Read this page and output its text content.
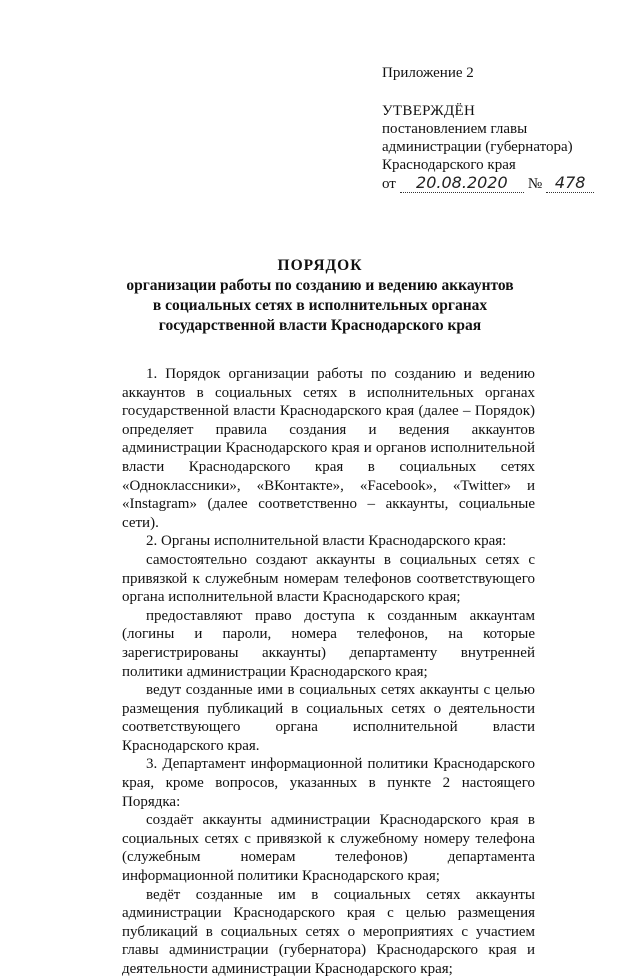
Приложение 2
УТВЕРЖДЁН
постановлением главы
администрации (губернатора)
Краснодарского края
от	20.08.2020	№ 478
ПОРЯДОК
организации работы по созданию и ведению аккаунтов
в социальных сетях в исполнительных органах
государственной власти Краснодарского края

1. Порядок организации работы по созданию и ведению аккаунтов в социальных сетях в исполнительных органах государственной власти Краснодарского края (далее – Порядок) определяет правила создания и ведения аккаунтов администрации Краснодарского края и органов исполнительной власти Краснодарского края в социальных сетях «Одноклассники», «ВКонтакте», «Facebook», «Twitter» и «Instagram» (далее соответственно – аккаунты, социальные сети).

2. Органы исполнительной власти Краснодарского края:

самостоятельно создают аккаунты в социальных сетях с привязкой к служебным номерам телефонов соответствующего органа исполнительной власти Краснодарского края;

предоставляют право доступа к созданным аккаунтам (логины и пароли, номера телефонов, на которые зарегистрированы аккаунты) департаменту внутренней политики администрации Краснодарского края;

ведут созданные ими в социальных сетях аккаунты с целью размещения публикаций в социальных сетях о деятельности соответствующего органа исполнительной власти Краснодарского края.

3. Департамент информационной политики Краснодарского края, кроме вопросов, указанных в пункте 2 настоящего Порядка:

создаёт аккаунты администрации Краснодарского края в социальных сетях с привязкой к служебному номеру телефона (служебным номерам телефонов) департамента информационной политики Краснодарского края;

ведёт созданные им в социальных сетях аккаунты администрации Краснодарского края с целью размещения публикаций в социальных сетях о мероприятиях с участием главы администрации (губернатора) Краснодарского края и деятельности администрации Краснодарского края;
